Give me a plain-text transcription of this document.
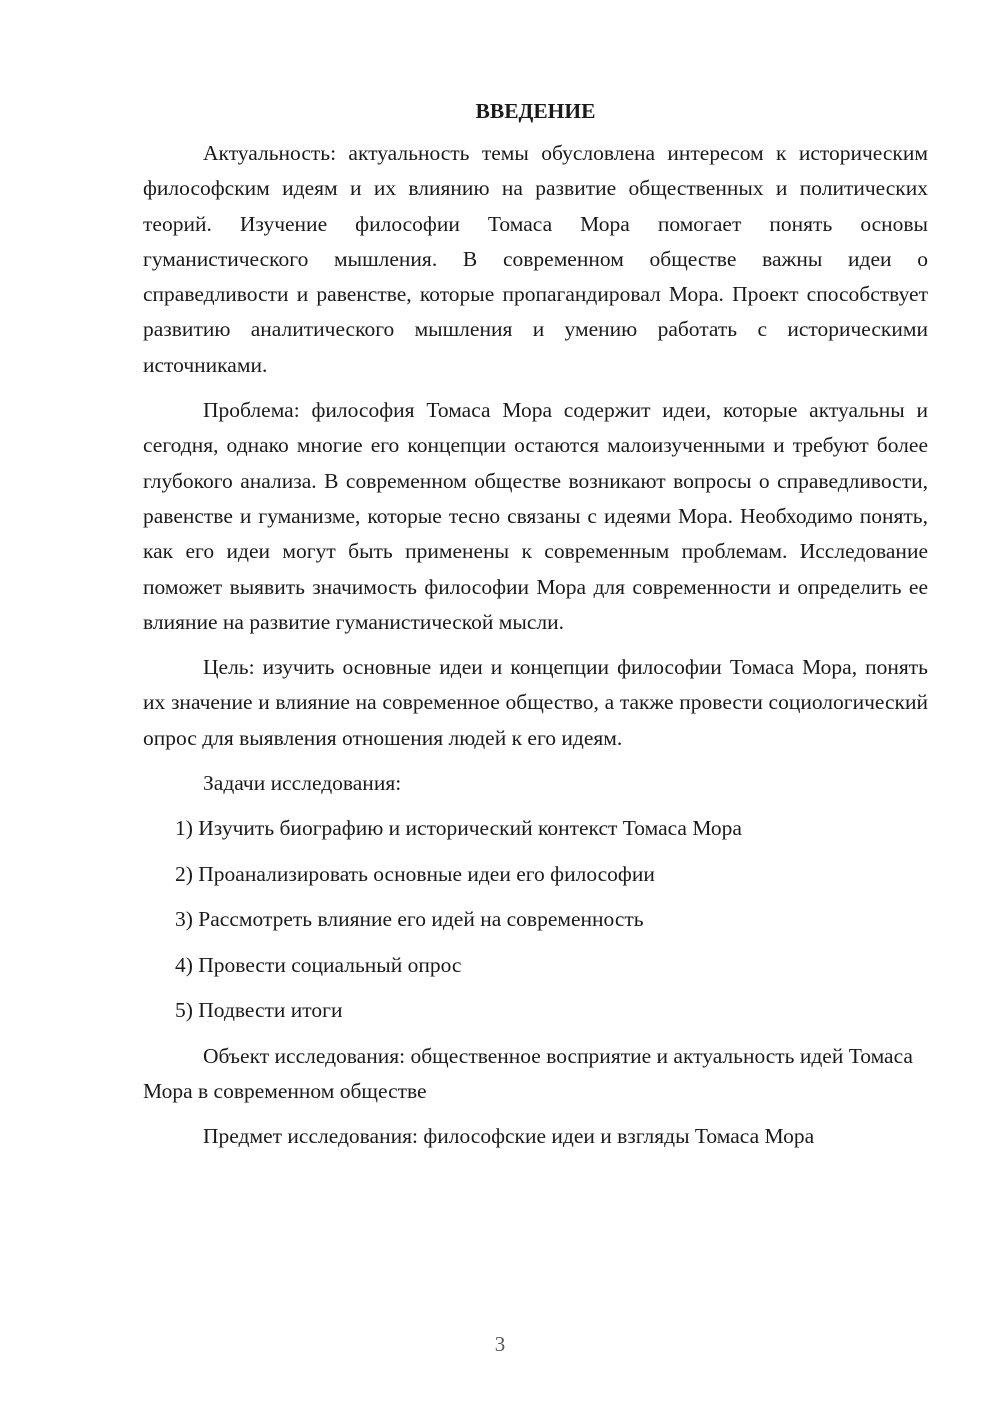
ВВЕДЕНИЕ

Актуальность: актуальность темы обусловлена интересом к историческим философским идеям и их влиянию на развитие общественных и политических теорий. Изучение философии Томаса Мора помогает понять основы гуманистического мышления. В современном обществе важны идеи о справедливости и равенстве, которые пропагандировал Мора. Проект способствует развитию аналитического мышления и умению работать с историческими источниками.

Проблема: философия Томаса Мора содержит идеи, которые актуальны и сегодня, однако многие его концепции остаются малоизученными и требуют более глубокого анализа. В современном обществе возникают вопросы о справедливости, равенстве и гуманизме, которые тесно связаны с идеями Мора. Необходимо понять, как его идеи могут быть применены к современным проблемам. Исследование поможет выявить значимость философии Мора для современности и определить ее влияние на развитие гуманистической мысли.

Цель: изучить основные идеи и концепции философии Томаса Мора, понять их значение и влияние на современное общество, а также провести социологический опрос для выявления отношения людей к его идеям.

Задачи исследования:

1) Изучить биографию и исторический контекст Томаса Мора
2) Проанализировать основные идеи его философии
3) Рассмотреть влияние его идей на современность
4) Провести социальный опрос
5) Подвести итоги

Объект исследования: общественное восприятие и актуальность идей Томаса Мора в современном обществе

Предмет исследования: философские идеи и взгляды Томаса Мора

3
